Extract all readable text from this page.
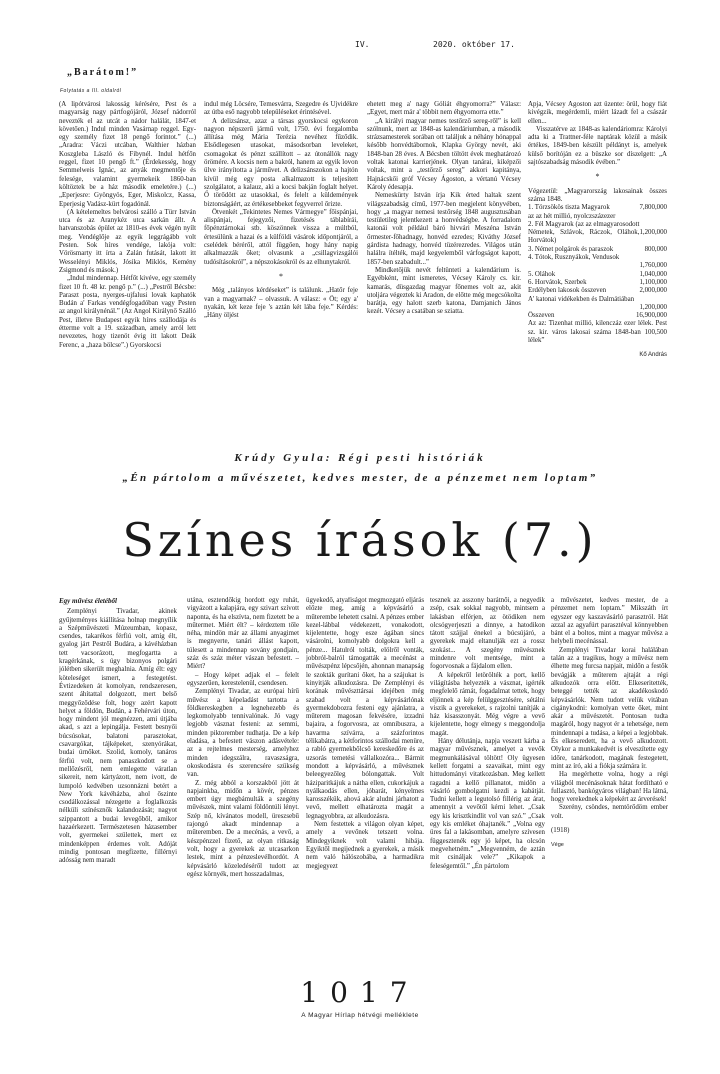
IV.	2020. október 17.
„Barátom!”
Folytatás a III. oldalról

(A lipótvárosi lakosság kérésére, Pest és a magyarság nagy pártfogójáról, József nádorról nevezték el az utcát a nádor halálát, 1847-et követően.) Indul minden Vasárnap reggel. Egy-egy személy fizet 18 pengő forintot.” (...) „Aradra: Váczi utcában, Walthier házban Koszgleba László és Fibynél. Indul hétfőn reggel, fizet 10 pengő ft.” (Érdekesség, hogy Semmelweis Ignác, az anyák megmentője és felesége, valamint gyermekeik 1860-ban költöztek be a ház második emeletére.) (...) „Eperjesre: Gyöngyös, Eger, Miskolcz, Kassa, Eperjesig Vadász-kürt fogadónál.

(A kételemeltes belvárosi szálló a Türr István utca és az Aranykéz utca sarkán állt. A hatvanszobás épület az 1810-es évek végén nyílt meg. Vendéglője az egyik leggrágább volt Pesten. Sok híres vendége, lakója volt: Vörösmarty itt írta a Zalán futását, lakott itt Wesselényi Miklós, Jósika Miklós, Kemény Zsigmond és mások.)

„Indul mindennap. Hétfőt kivéve, egy személy fizet 10 ft. 48 kr. pengő p.” (...) „Pestről Bécsbe: Paraszt posta, nyerges-ujfalusi lovak kaphatók Budán a' Farkas vendégfogadóban vagy Pesten az angol királynénál.” (Az Angol Királynő Szálló Pest, illetve Budapest egyik híres szállodája és étterme volt a 19. században, amely arról lett nevezetes, hogy tizenöt évig itt lakott Deák Ferenc, a „haza bölcse”.) Gyorskocsi

indul még Löcsére, Temesvárra, Szegedre és Újvidékre az útba eső nagyobb településeket érintésével.

A delizsánsz, azaz a társas gyorskocsi egykoron nagyon népszerű jármű volt, 1750. évi forgalomba állítása még Mária Terézia nevéhez fűződik. Elsődlegesen utasokat, másodsorban leveleket, csomagokat és pénzt szállított – az útonállók nagy örömére. A kocsis nem a bakról, hanem az egyik lovon ülve irányította a járművet. A delizsánszokon a hajtón kívül még egy posta alkalmazott is teljesített szolgálatot, a kalauz, aki a kocsi bakján foglalt helyet. Ő törődött az utasokkal, és felelt a küldemények biztonságáért, az értékesebbeket fegyverrel őrizte.

Ötvenkét „Tekintetes Nemes Vármegye” főispánjai, alispánjai, fejegyzői, fizetésés táblabírái, főpénztárnokai stb. köszönnek vissza a múltból, értesülünk a hazai és a külföldi vásárok időpontjáról, a cselédek béréről, attól függően, hogy hány napig alkalmazzák őket; olvasunk a „csillagvizsgálói tudósításokról”, a népszokásokról és az elhunytakról.

*

Még „talányos kérdéseket” is találunk. „Hatőr feje van a magyarnak? – olvassuk. A válasz: « Öt; egy a' nyakán, két keze feje 's aztán két lába feje.” Kérdés: „Hány öljést

ehetett meg a' nagy Góliát éhgyomorra?” Válasz: „Egyet, mert már a' többit nem éhgyomorra ette.”

„A királyi magyar nemes testőrző sereg-ről” is kell szólnunk, mert az 1848-as kalendáriumban, a második strázsamesterek sorában ott találjuk a néhány hónappal később honvédtábornok, Klapka György nevét, aki 1848-ban 28 éves. A Bécsben töltött évek meghatározó voltak katonai karrierjének. Olyan tanárai, kiképzői voltak, mint a „testőrző sereg” akkori kapitánya, Hajnácskői gróf Vécsey Ágoston, a vértanú Vécsey Károly édesapja.

Nemeskürty István írja Kik érted haltak szent világszabadság című, 1977-ben megjelent könyvében, hogy „a magyar nemesi testőrség 1848 augusztusában testületileg jelentkezett a honvédségbe. A forradalom katonái volt például báró hivvári Meszéna István őrmester-főhadnagy, honvéd ezredes; Kiváthy József gárdista hadnagy, honvéd tüzérezredes. Világos után halálra ítélték, majd kegyelemből várfogságot kapott, 1857-ben szabadult...”

Mindketőjük nevét feltünteti a kalendárium is. Egyébként, mint ismeretes, Vécsey Károly cs. kir. kamarás, düsgazdag magyar főnemes volt az, akit utoljára végeztek ki Aradon, de előtte még megcsókolta barátja, egy halott szerb katona, Damjanich János kezét. Vécsey a csatában se sziatta.

Apja, Vécsey Ágoston azt üzente: örül, hogy fiát kivégzik, megérdemli, miért lázadt fel a császár ellen...

Visszatérve az 1848-as kalendáriomra: Károlyi adta ki a Trattner-féle naptárak közül a másik értékes, 1849-ben készült példányt is, amelyek külső borítóján ez a büszke sor díszelgett: „A sajtószabadság második évében.”

*

Végezetül: „Magyarország lakosainak összes száma 1848.

1. Törzsökös tiszta Magyarok	7,800,000
az az hét millió, nyolczszázezer
2. Fél Magyarok (az az elmagyarosodott
Németek, Szlávok, Ráczok, Oláhok, Horvátok)
1,200,000
3. Német polgárok és paraszok	800,000
4. Tótok, Rusznyákok, Vendusok
1,760,000
5. Oláhok	1,040,000
6. Horvátok, Szerbek	1,100,000
Erdélyben lakosok összeven	2,000,000
A' katonai vidékekben és Dalmátiában
1,200,000
Összeven	16,900,000

Az az: Tizenhat millió, kilenczáz ezer lélek. Pest sz. kir. város lakosai száma 1848-ban 100,500 lélek”

Kő András
Krúdy Gyula: Régi pesti históriák
„Én pártolom a művészetet, kedves mester, de a pénzemet nem loptam”
Színes írások (7.)
Egy művész életéből

Zemplényi Tivadar, akinek gyűjteményes kiállítása holnap megnyílik a Szépművészeti Múzeumban, kopasz, csendes, takarékos férfiú volt, amíg élt, gyalog járt Pestről Budára, a kávéházban tett vacsorázott, megfogartta a kragérkának, s úgy bizonyos polgári jólétben sikerült meghalnia. Amíg élt: egy köteleséget ismert, a festegetést. Évtizedeken át komolyan, rendszeresen, szent áhítattal dolgozott, mert belső meggyőződése folt, hogy azért kapott helyet a földön, Budán, a Fehérvári úton, hogy mindent jól megnézzen, ami útjába akad, s azt a lepingálja. Festett besnyői búcsúsokat, balatoni parasztokat, csavargókat, tájképeket, szenyórákat, budai úrnőket. Szolid, komoly, tanáros férfiú volt, nem panaszkodott se a mellőzésről, nem emlegette váratlan sikereit, nem kártyázott, nem ivott, de lumpoló kedvében uzsonnázni betért a New York kávéházba, ahol őszinte csodálkozással nézegette a foglalkozás nélküli színésznők kalandozását; nagyot szippantott a budai levegőből, amikor hazaérkezett. Természetesen házasember volt, gyermekei születtek, mert ez mindenképpen érdemes volt. Adóját mindig pontosan megfizette, fillérnyi adósság nem maradt

utána, esztendőkig hordott egy ruhát, vigyázott a kalapjára, egy szivart szívott naponta, és ha elszívta, nem fizetett be a műtermet. Miért élt? – kérdeztem tőle néha, mindön már az állami anyagimet is megnyerte, tanári állást kapott, túlesett a mindennap sovány gondjain, száz és száz méter vászan befestett. – Miért?

– Hogy képet adjak el – felelt egyszerűen, kerestelenül, csendesen.

Zemplényi Tivadar, az európai hírű művész a képeladást tartotta a földkereskegben a legnehezebb és legkomolyabb tennivalónak. Jó vagy legjobb vásznat festeni: az semmi, minden piktorember tudhatja. De a kép eladása, a befestett vászon adásvétele: az a rejtelmes mesterség, amelyhez minden idegszálra, ravaszságra, okoskodásra és szerencsére szükség van.

Z. még abból a korszakból jött át napjainkba, midőn a kövér, pénzes embert úgy megbámulták a szegény művészek, mint valami földöntúli lényt. Szép nő, kívánatos modell, üreszsebű rajongó akadt mindennap a műteremben. De a mecénás, a vevő, a készpénzzel fizető, az olyan ritkaság volt, hogy a gyerekek az utcasarkon lestek, mint a pénzeslevélhordót. A képvásárló közeledéséről tudott az egész környék, mert hosszadalmas,

ügyekedő, atyafiságot megmozgató eljárás előzte meg, amíg a képvásárló a műterembe lehetett csalni. A pénzes ember kezel-lábbal védekezett, vonakodott, kijelentette, hogy esze ágában sincs vásárolni, komolyabb dolgokra kell a pénze... Hatulról tolták, elölről vonták, jobbról-balról támogatták a mecénást a művészpénz lépcsőjén, ahonnan manapság le szokták gurítani őket, ha a szájukat is kinyitják alkudozásra. De Zemplényi és korának művészttársai idejében még szabad volt a képvásárlónak gyermekdobozra festeni egy ajánlatra, a műterem magosan fekvésére, izzadni bajaira, a fogorvosra, az omnibuszra, a havarma szívárra, a százforintos télikabátra, a kétforintos szállodai menüre, a rabló gyermekbőlcső kereskedőre és az uzsorás temetési vállalkozóra... Bármit mondott a képvásárló, a művésznek beleegyezőleg bólongattak. Volt háziparitkájuk a nátha ellen, cukorkájuk a nyálkaodás ellen, jóbarát, kényelmes karosszékük, ahová akár aludni járhatott a vevő, mellett elhatározta magát a legnagyobbra, az alkudozásra.

Nem festettek a világon olyan képet, amely a vevőnek tetszett volna. Mindegyiknek volt valami hibája. Egyiktől megijednek a gyerekek, a másik nem való hálószobába, a harmadikra megjegyezt

tesznek az asszony barátnői, a negyedik zsép, csak sokkal nagyobb, mintsem a lakásban elférjen, az ötödiken nem olcsógyerjeszti a dinnye, a hatodikon tátott szájjal énekel a búcsújáró, a gyerekek majd eltanulják ezt a rossz szokást... A szegény művésznek mindenre volt mentsége, mint a fogorvosnak a fájdalom ellen.

A képekről letörölték a port, kellő világításba helyezték a vásznat, igérték megfelelő rámát, fogadalmat tettek, hogy eljönnek a kép felülggesztésére, sétálni viszik a gyerekeket, s rajzolni tanítják a ház kisasszonyát. Még végre a vevő kijelentette, hogy elmegy s meggondolja magát.

Hány délutánja, napja veszett kárba a magyar művésznek, amelyet a vevők megmunkálásával töltött! Oly ügyesen kellett forgatni a szavaikat, mint egy hittudományi vitatkozásban. Meg kellett ragadni a kellő pillanatot, midőn a vásárló gombolgatni kezdi a kabátját. Tudni kellett a legutolsó fillérig az árat, amennyit a vevőtől kérni lehet. „Csak egy kis krisztkindlit vol van szó.” „Csak egy kis emléket óhajtanék.” „Volna egy üres fal a lakásomban, amelyre szívesen függesztenék egy jó képet, ha olcsón megvehetném.” „Megvenném, de aztán mit csináljak vele?” „Kikapok a feleségemtől.” „Én pártolom

a művészetet, kedves mester, de a pénzemet nem loptam.” Mikszáth írt egyszer egy kaszavásárló parasztról. Hát azzal az agyafúrt parasztéval könnyebben bánt el a boltos, mint a magyar művész a helybeli mecénással.

Zemplényi Tivadar korai halálában talán az a tragikus, hogy a művész nem élhette meg furcsa napjait, midőn a festők bevágják a műterem ajtaját a régi alkudozók orra előtt. Elkeseritették, beteggé tették az akadékoskodó képvásárlók. Nem tudott velük vitában cigánykodni: komolyan vette őket, mint akár a művészetét. Pontosan tudta magáról, hogy nagyot ér a tehetsége, nem mindennapi a tudása, a képei a legjobbak. És elkeseredett, ha a vevő alkudozott. Olykor a munkakedvét is elveszítette egy időre, tanárkodott, magának festegetett, mint az író, aki a fiókja számára ír.

Ha megérhette volna, hogy a régi világból mecénásoknak hátat fordítható e fullasztó, bankógyáros világban! Ha látná, hogy verekednek a képekért az árverések!

Szerény, csöndes, nemtörődöm ember volt.

(1918)

Vége

1017
A Magyar Hírlap hétvégi melléklete
